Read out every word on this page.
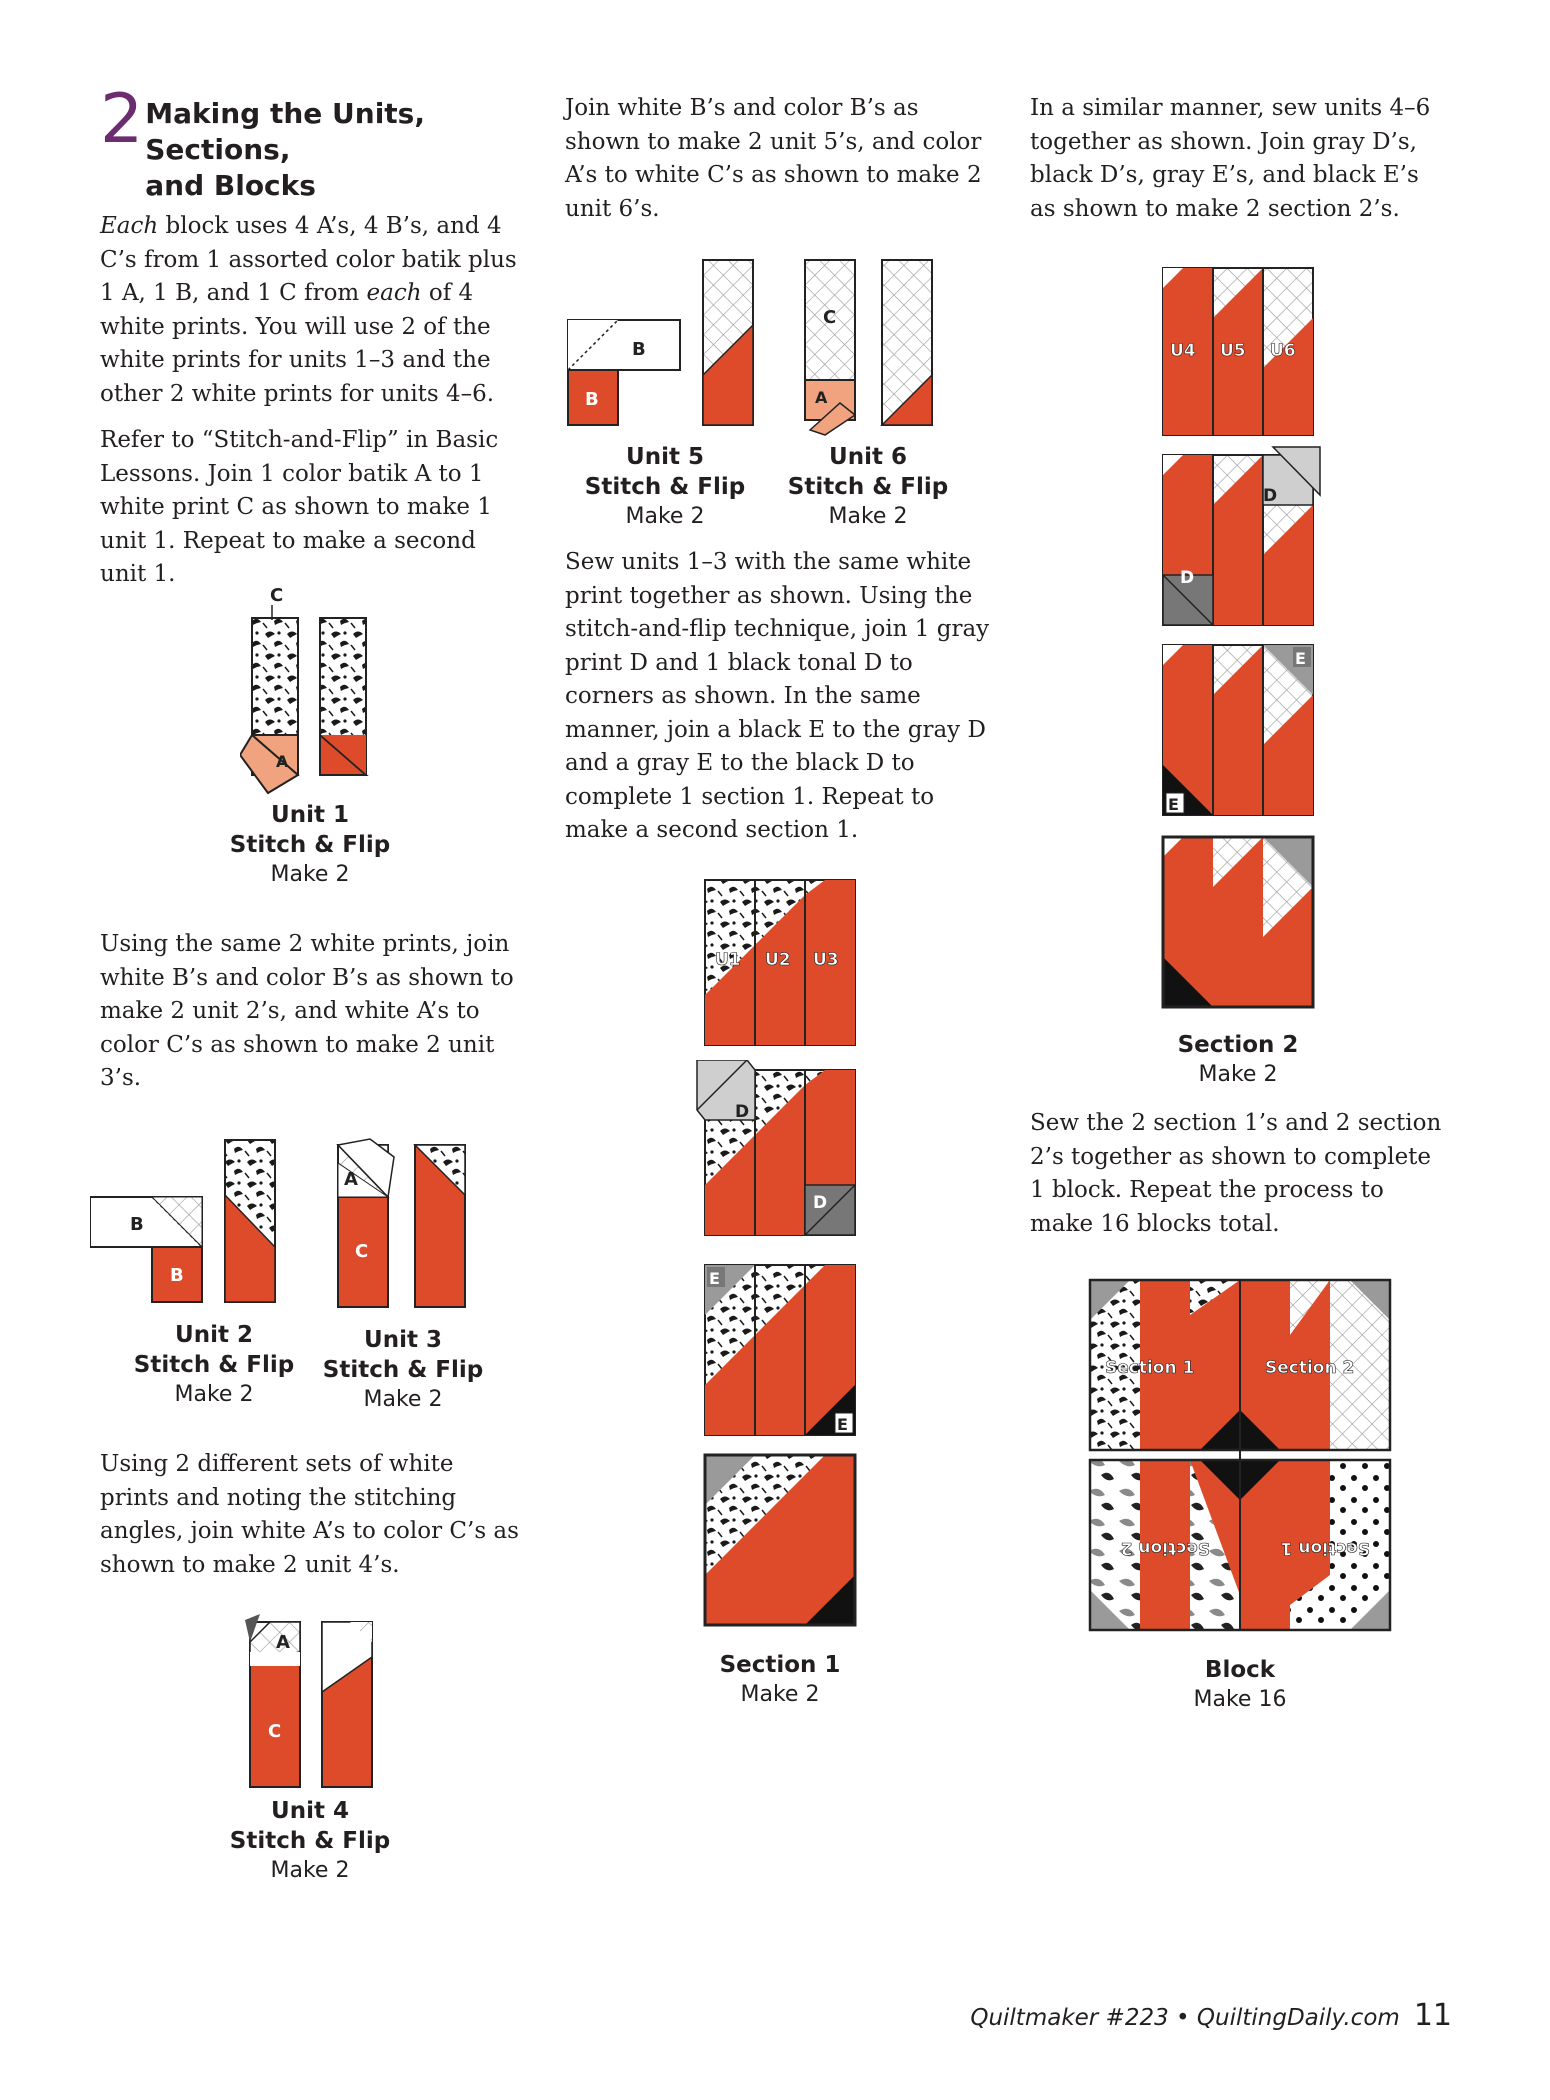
2 Making the Units, Sections,
and Blocks

Each block uses 4 A’s, 4 B’s, and 4 C’s from 1 assorted color batik plus 1 A, 1 B, and 1 C from each of 4 white prints. You will use 2 of the white prints for units 1–3 and the other 2 white prints for units 4–6.

Refer to “Stitch-and-Flip” in Basic Lessons. Join 1 color batik A to 1 white print C as shown to make 1 unit 1. Repeat to make a second unit 1.

Using the same 2 white prints, join white B’s and color B’s as shown to make 2 unit 2’s, and white A’s to color C’s as shown to make 2 unit 3’s.

Using 2 different sets of white prints and noting the stitching angles, join white A’s to color C’s as shown to make 2 unit 4’s.

A
C
Unit 1
Stitch & Flip
Make 2
B
B
Unit 2
Stitch & Flip
Make 2
A
C
Unit 3
Stitch & Flip
Make 2
A
C
Unit 4
Stitch & Flip
Make 2

Join white B’s and color B’s as shown to make 2 unit 5’s, and color A’s to white C’s as shown to make 2 unit 6’s.

Sew units 1–3 with the same white print together as shown. Using the stitch-and-flip technique, join 1 gray print D and 1 black tonal D to corners as shown. In the same manner, join a black E to the gray D and a gray E to the black D to complete 1 section 1. Repeat to make a second section 1.

B
B
Unit 5
Stitch & Flip
Make 2
C
A
Unit 6
Stitch & Flip
Make 2
U1 U2 U3
D
D
E
E
Section 1
Make 2

In a similar manner, sew units 4–6 together as shown. Join gray D’s, black D’s, gray E’s, and black E’s as shown to make 2 section 2’s.

Sew the 2 section 1’s and 2 section 2’s together as shown to complete 1 block. Repeat the process to make 16 blocks total.

U4 U5 U6
D
D
E
E
Section 2
Make 2
Section 1	Section 2
Section 2	Section 1
Block
Make 16
Quiltmaker #223 • QuiltingDaily.com 11
